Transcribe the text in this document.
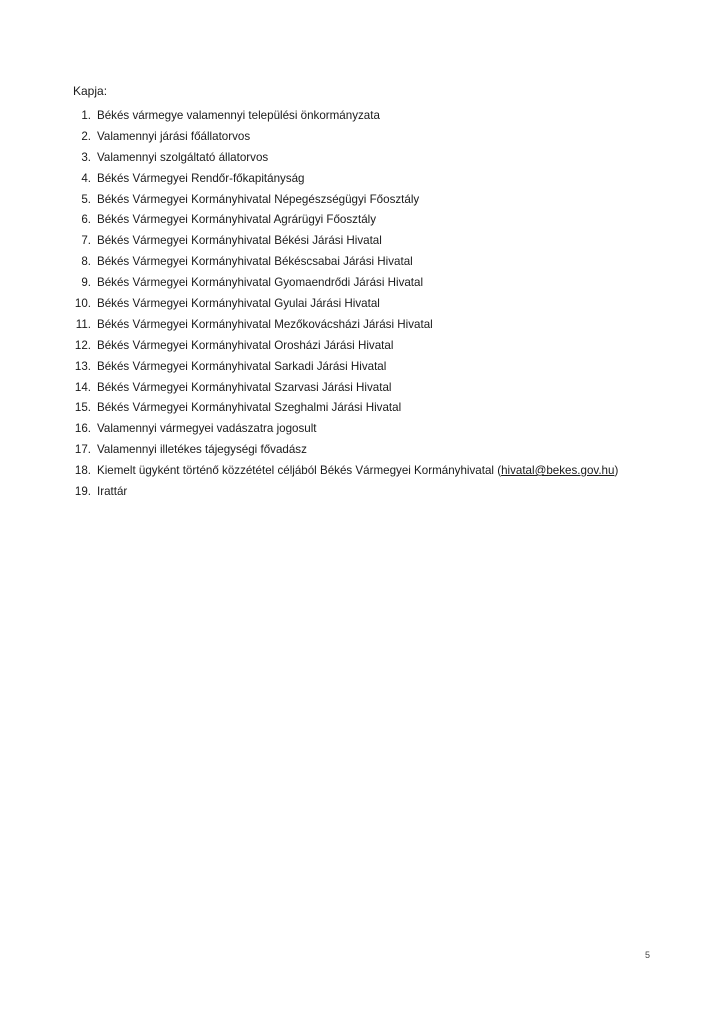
Kapja:
1. Békés vármegye valamennyi települési önkormányzata
2. Valamennyi járási főállatorvos
3. Valamennyi szolgáltató állatorvos
4. Békés Vármegyei Rendőr-főkapitányság
5. Békés Vármegyei Kormányhivatal Népegészségügyi Főosztály
6. Békés Vármegyei Kormányhivatal Agrárügyi Főosztály
7. Békés Vármegyei Kormányhivatal Békési Járási Hivatal
8. Békés Vármegyei Kormányhivatal Békéscsabai Járási Hivatal
9. Békés Vármegyei Kormányhivatal Gyomaendrődi Járási Hivatal
10. Békés Vármegyei Kormányhivatal Gyulai Járási Hivatal
11. Békés Vármegyei Kormányhivatal Mezőkovácsházi Járási Hivatal
12. Békés Vármegyei Kormányhivatal Orosházi Járási Hivatal
13. Békés Vármegyei Kormányhivatal Sarkadi Járási Hivatal
14. Békés Vármegyei Kormányhivatal Szarvasi Járási Hivatal
15. Békés Vármegyei Kormányhivatal Szeghalmi Járási Hivatal
16. Valamennyi vármegyei vadászatra jogosult
17. Valamennyi illetékes tájegységi fővadász
18. Kiemelt ügyként történő közzététel céljából Békés Vármegyei Kormányhivatal (hivatal@bekes.gov.hu)
19. Irattár
5
